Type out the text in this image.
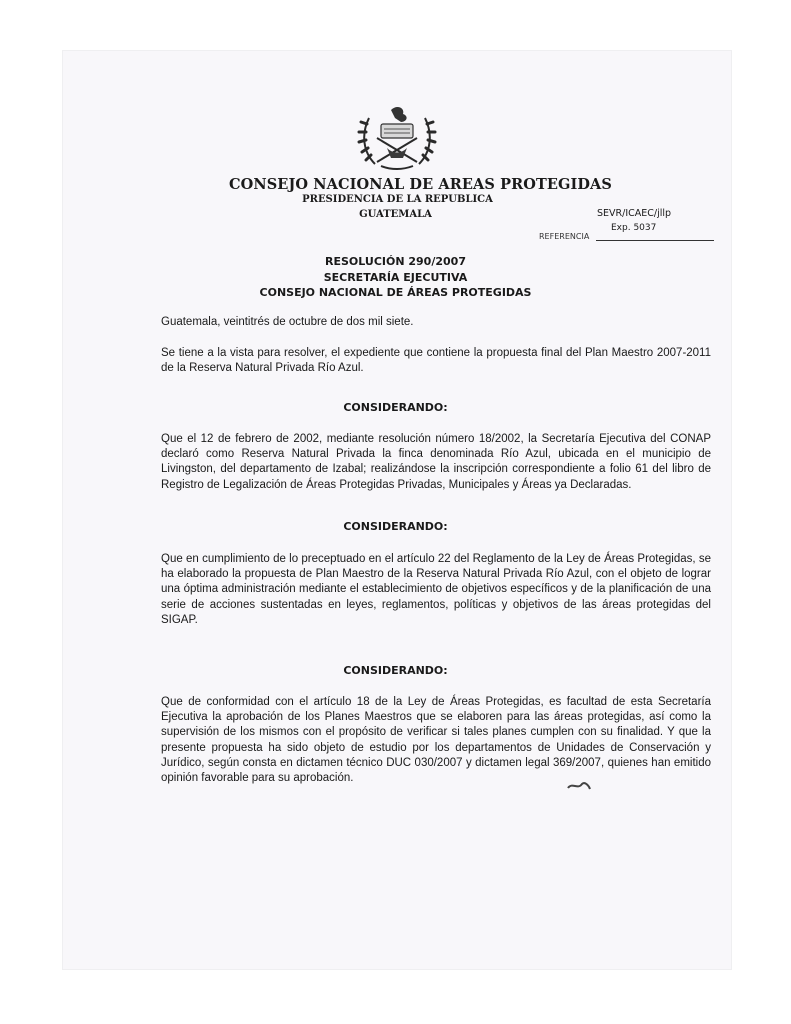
CONSEJO NACIONAL DE AREAS PROTEGIDAS
PRESIDENCIA DE LA REPUBLICA
GUATEMALA	SEVR/ICAEC/jllp
Exp. 5037
REFERENCIA
RESOLUCIÓN 290/2007
SECRETARÍA EJECUTIVA
CONSEJO NACIONAL DE ÁREAS PROTEGIDAS
Guatemala, veintitrés de octubre de dos mil siete.
Se tiene a la vista para resolver, el expediente que contiene la propuesta final del Plan Maestro 2007-2011 de la Reserva Natural Privada Río Azul.
CONSIDERANDO:
Que el 12 de febrero de 2002, mediante resolución número 18/2002, la Secretaría Ejecutiva del CONAP declaró como Reserva Natural Privada la finca denominada Río Azul, ubicada en el municipio de Livingston, del departamento de Izabal; realizándose la inscripción correspondiente a folio 61 del libro de Registro de Legalización de Áreas Protegidas Privadas, Municipales y Áreas ya Declaradas.
CONSIDERANDO:
Que en cumplimiento de lo preceptuado en el artículo 22 del Reglamento de la Ley de Áreas Protegidas, se ha elaborado la propuesta de Plan Maestro de la Reserva Natural Privada Río Azul, con el objeto de lograr una óptima administración mediante el establecimiento de objetivos específicos y de la planificación de una serie de acciones sustentadas en leyes, reglamentos, políticas y objetivos de las áreas protegidas del SIGAP.
CONSIDERANDO:
Que de conformidad con el artículo 18 de la Ley de Áreas Protegidas, es facultad de esta Secretaría Ejecutiva la aprobación de los Planes Maestros que se elaboren para las áreas protegidas, así como la supervisión de los mismos con el propósito de verificar si tales planes cumplen con su finalidad. Y que la presente propuesta ha sido objeto de estudio por los departamentos de Unidades de Conservación y Jurídico, según consta en dictamen técnico DUC 030/2007 y dictamen legal 369/2007, quienes han emitido opinión favorable para su aprobación.
